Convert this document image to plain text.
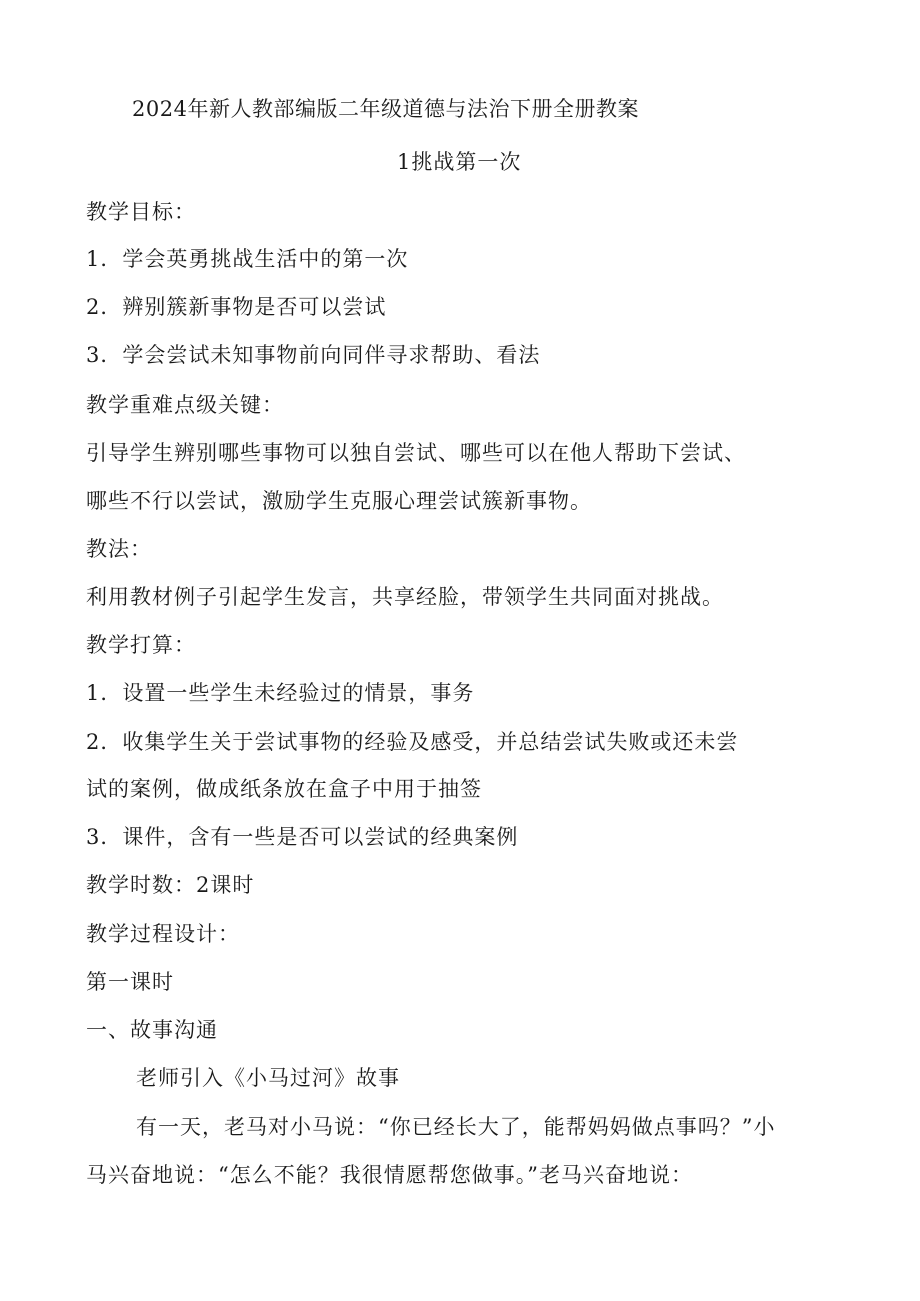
2024年新人教部编版二年级道德与法治下册全册教案
1挑战第一次
教学目标：
1．学会英勇挑战生活中的第一次
2．辨别簇新事物是否可以尝试
3．学会尝试未知事物前向同伴寻求帮助、看法
教学重难点级关键：
引导学生辨别哪些事物可以独自尝试、哪些可以在他人帮助下尝试、
哪些不行以尝试，激励学生克服心理尝试簇新事物。
教法：
利用教材例子引起学生发言，共享经脸，带领学生共同面对挑战。
教学打算：
1．设置一些学生未经验过的情景，事务
2．收集学生关于尝试事物的经验及感受，并总结尝试失败或还未尝
试的案例，做成纸条放在盒子中用于抽签
3．课件，含有一些是否可以尝试的经典案例
教学时数：2课时
教学过程设计：
第一课时
一、故事沟通
老师引入《小马过河》故事
有一天，老马对小马说：“你已经长大了，能帮妈妈做点事吗？”小
马兴奋地说：“怎么不能？我很情愿帮您做事。”老马兴奋地说：
